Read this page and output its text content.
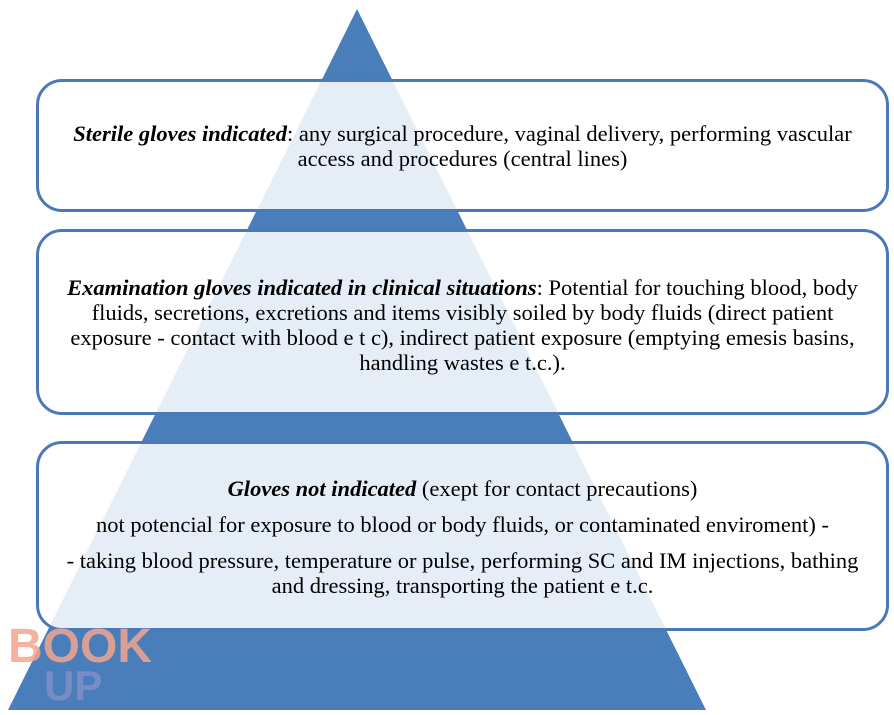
Sterile gloves indicated: any surgical procedure, vaginal delivery, performing vascular access and procedures (central lines)

Examination gloves indicated in clinical situations: Potential for touching blood, body fluids, secretions, excretions and items visibly soiled by body fluids (direct patient exposure - contact with blood e t c), indirect patient exposure (emptying emesis basins, handling wastes e t.c.).

Gloves not indicated (exept for contact precautions)

not potencial for exposure to blood or body fluids, or contaminated enviroment) -

- taking blood pressure, temperature or pulse, performing SC and IM injections, bathing and dressing, transporting the patient e t.c.

BOOK
UP
